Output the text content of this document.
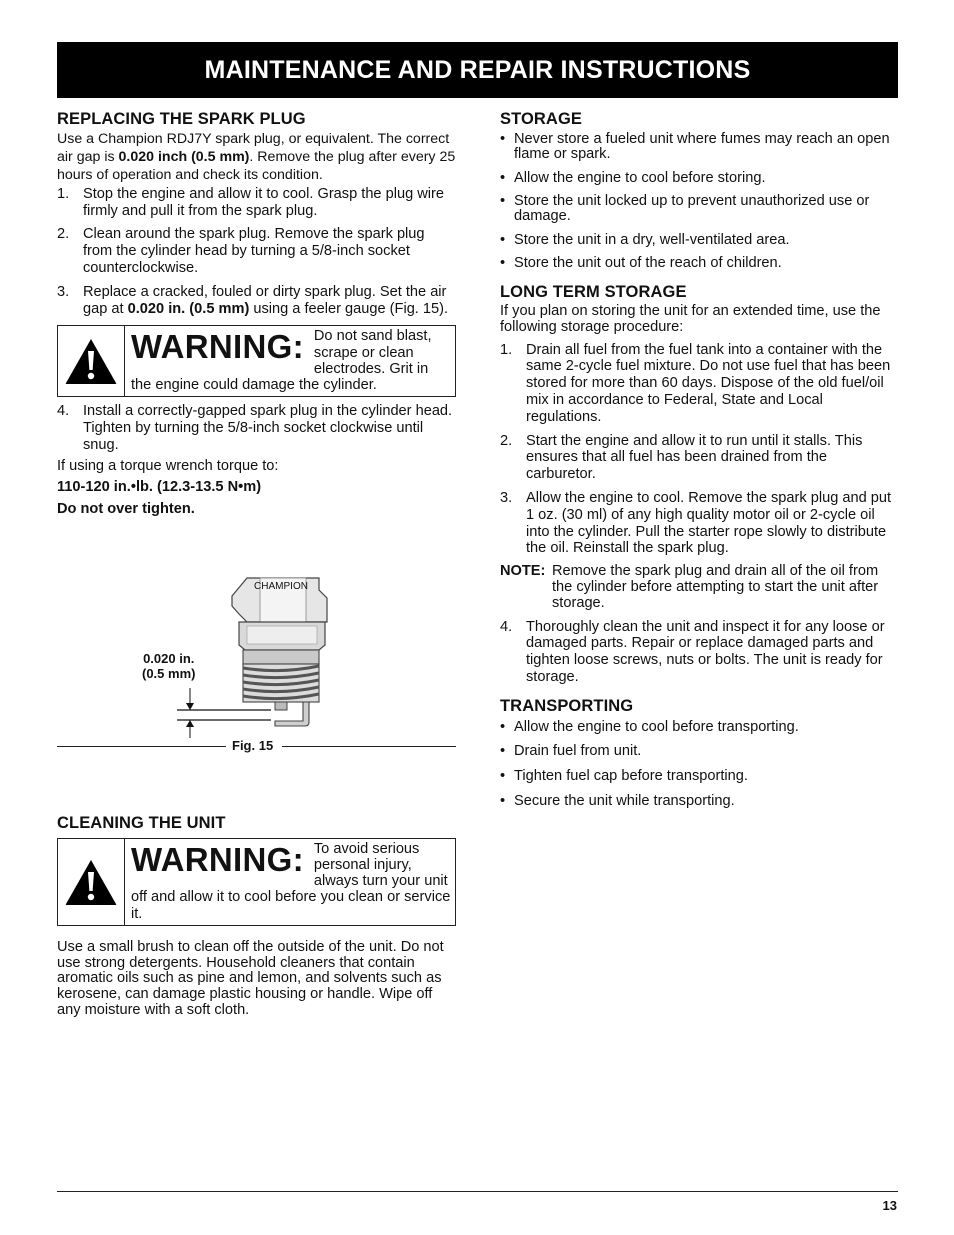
MAINTENANCE AND REPAIR INSTRUCTIONS
REPLACING THE SPARK PLUG

Use a Champion RDJ7Y spark plug, or equivalent. The correct air gap is 0.020 inch (0.5 mm). Remove the plug after every 25 hours of operation and check its condition.

1. Stop the engine and allow it to cool. Grasp the plug wire firmly and pull it from the spark plug.
2. Clean around the spark plug. Remove the spark plug from the cylinder head by turning a 5/8-inch socket counterclockwise.
3. Replace a cracked, fouled or dirty spark plug. Set the air gap at 0.020 in. (0.5 mm) using a feeler gauge (Fig. 15).
WARNING: Do not sand blast, scrape or clean electrodes. Grit in the engine could damage the cylinder.
4. Install a correctly-gapped spark plug in the cylinder head. Tighten by turning the 5/8-inch socket clockwise until snug.

If using a torque wrench torque to:

110-120 in.•lb. (12.3-13.5 N•m)

Do not over tighten.

CHAMPION
0.020 in.
(0.5 mm)
Fig. 15
CLEANING THE UNIT
WARNING: To avoid serious personal injury, always turn your unit off and allow it to cool before you clean or service it.

Use a small brush to clean off the outside of the unit. Do not use strong detergents. Household cleaners that contain aromatic oils such as pine and lemon, and solvents such as kerosene, can damage plastic housing or handle. Wipe off any moisture with a soft cloth.

STORAGE
• Never store a fueled unit where fumes may reach an open flame or spark.
• Allow the engine to cool before storing.
• Store the unit locked up to prevent unauthorized use or damage.
• Store the unit in a dry, well-ventilated area.
• Store the unit out of the reach of children.
LONG TERM STORAGE

If you plan on storing the unit for an extended time, use the following storage procedure:

1. Drain all fuel from the fuel tank into a container with the same 2-cycle fuel mixture. Do not use fuel that has been stored for more than 60 days. Dispose of the old fuel/oil mix in accordance to Federal, State and Local regulations.
2. Start the engine and allow it to run until it stalls. This ensures that all fuel has been drained from the carburetor.
3. Allow the engine to cool. Remove the spark plug and put 1 oz. (30 ml) of any high quality motor oil or 2-cycle oil into the cylinder. Pull the starter rope slowly to distribute the oil. Reinstall the spark plug.
NOTE: Remove the spark plug and drain all of the oil from the cylinder before attempting to start the unit after storage.
4. Thoroughly clean the unit and inspect it for any loose or damaged parts. Repair or replace damaged parts and tighten loose screws, nuts or bolts. The unit is ready for storage.
TRANSPORTING
• Allow the engine to cool before transporting.
• Drain fuel from unit.
• Tighten fuel cap before transporting.
• Secure the unit while transporting.
13
